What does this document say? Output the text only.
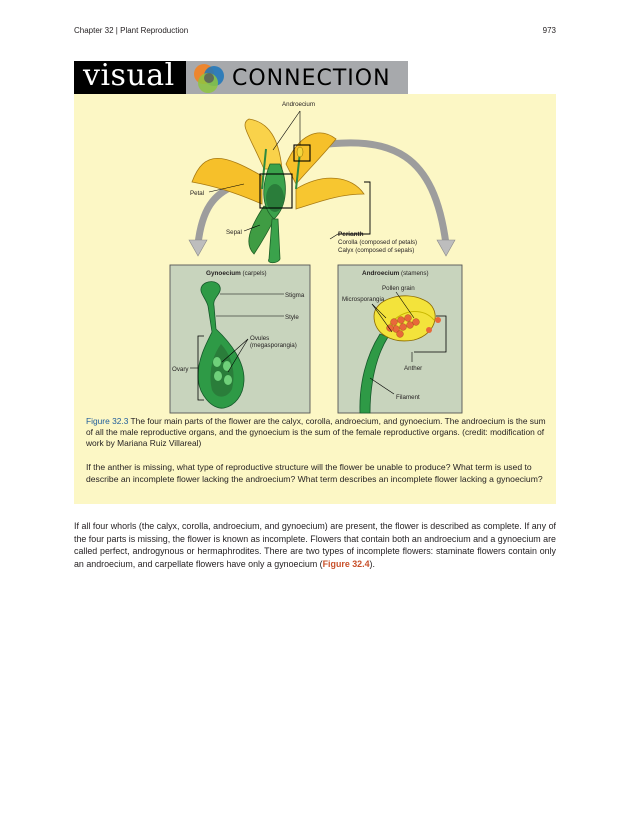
Chapter 32 | Plant Reproduction	973
visual	CONNECTION
Androecium
Petal
Sepal	Perianth
Corolla (composed of petals)
Calyx (composed of sepals)
Gynoecium (carpels)
Stigma
Style
Ovules
(megasporangia)
Ovary
Androecium (stamens)
Pollen grain
Microsporangia
Anther
Filament
Figure 32.3 The four main parts of the flower are the calyx, corolla, androecium, and gynoecium. The androecium is the sum of all the male reproductive organs, and the gynoecium is the sum of the female reproductive organs. (credit: modification of work by Mariana Ruiz Villareal)
If the anther is missing, what type of reproductive structure will the flower be unable to produce? What term is used to describe an incomplete flower lacking the androecium? What term describes an incomplete flower lacking a gynoecium?
If all four whorls (the calyx, corolla, androecium, and gynoecium) are present, the flower is described as complete. If any of the four parts is missing, the flower is known as incomplete. Flowers that contain both an androecium and a gynoecium are called perfect, androgynous or hermaphrodites. There are two types of incomplete flowers: staminate flowers contain only an androecium, and carpellate flowers have only a gynoecium (Figure 32.4).
